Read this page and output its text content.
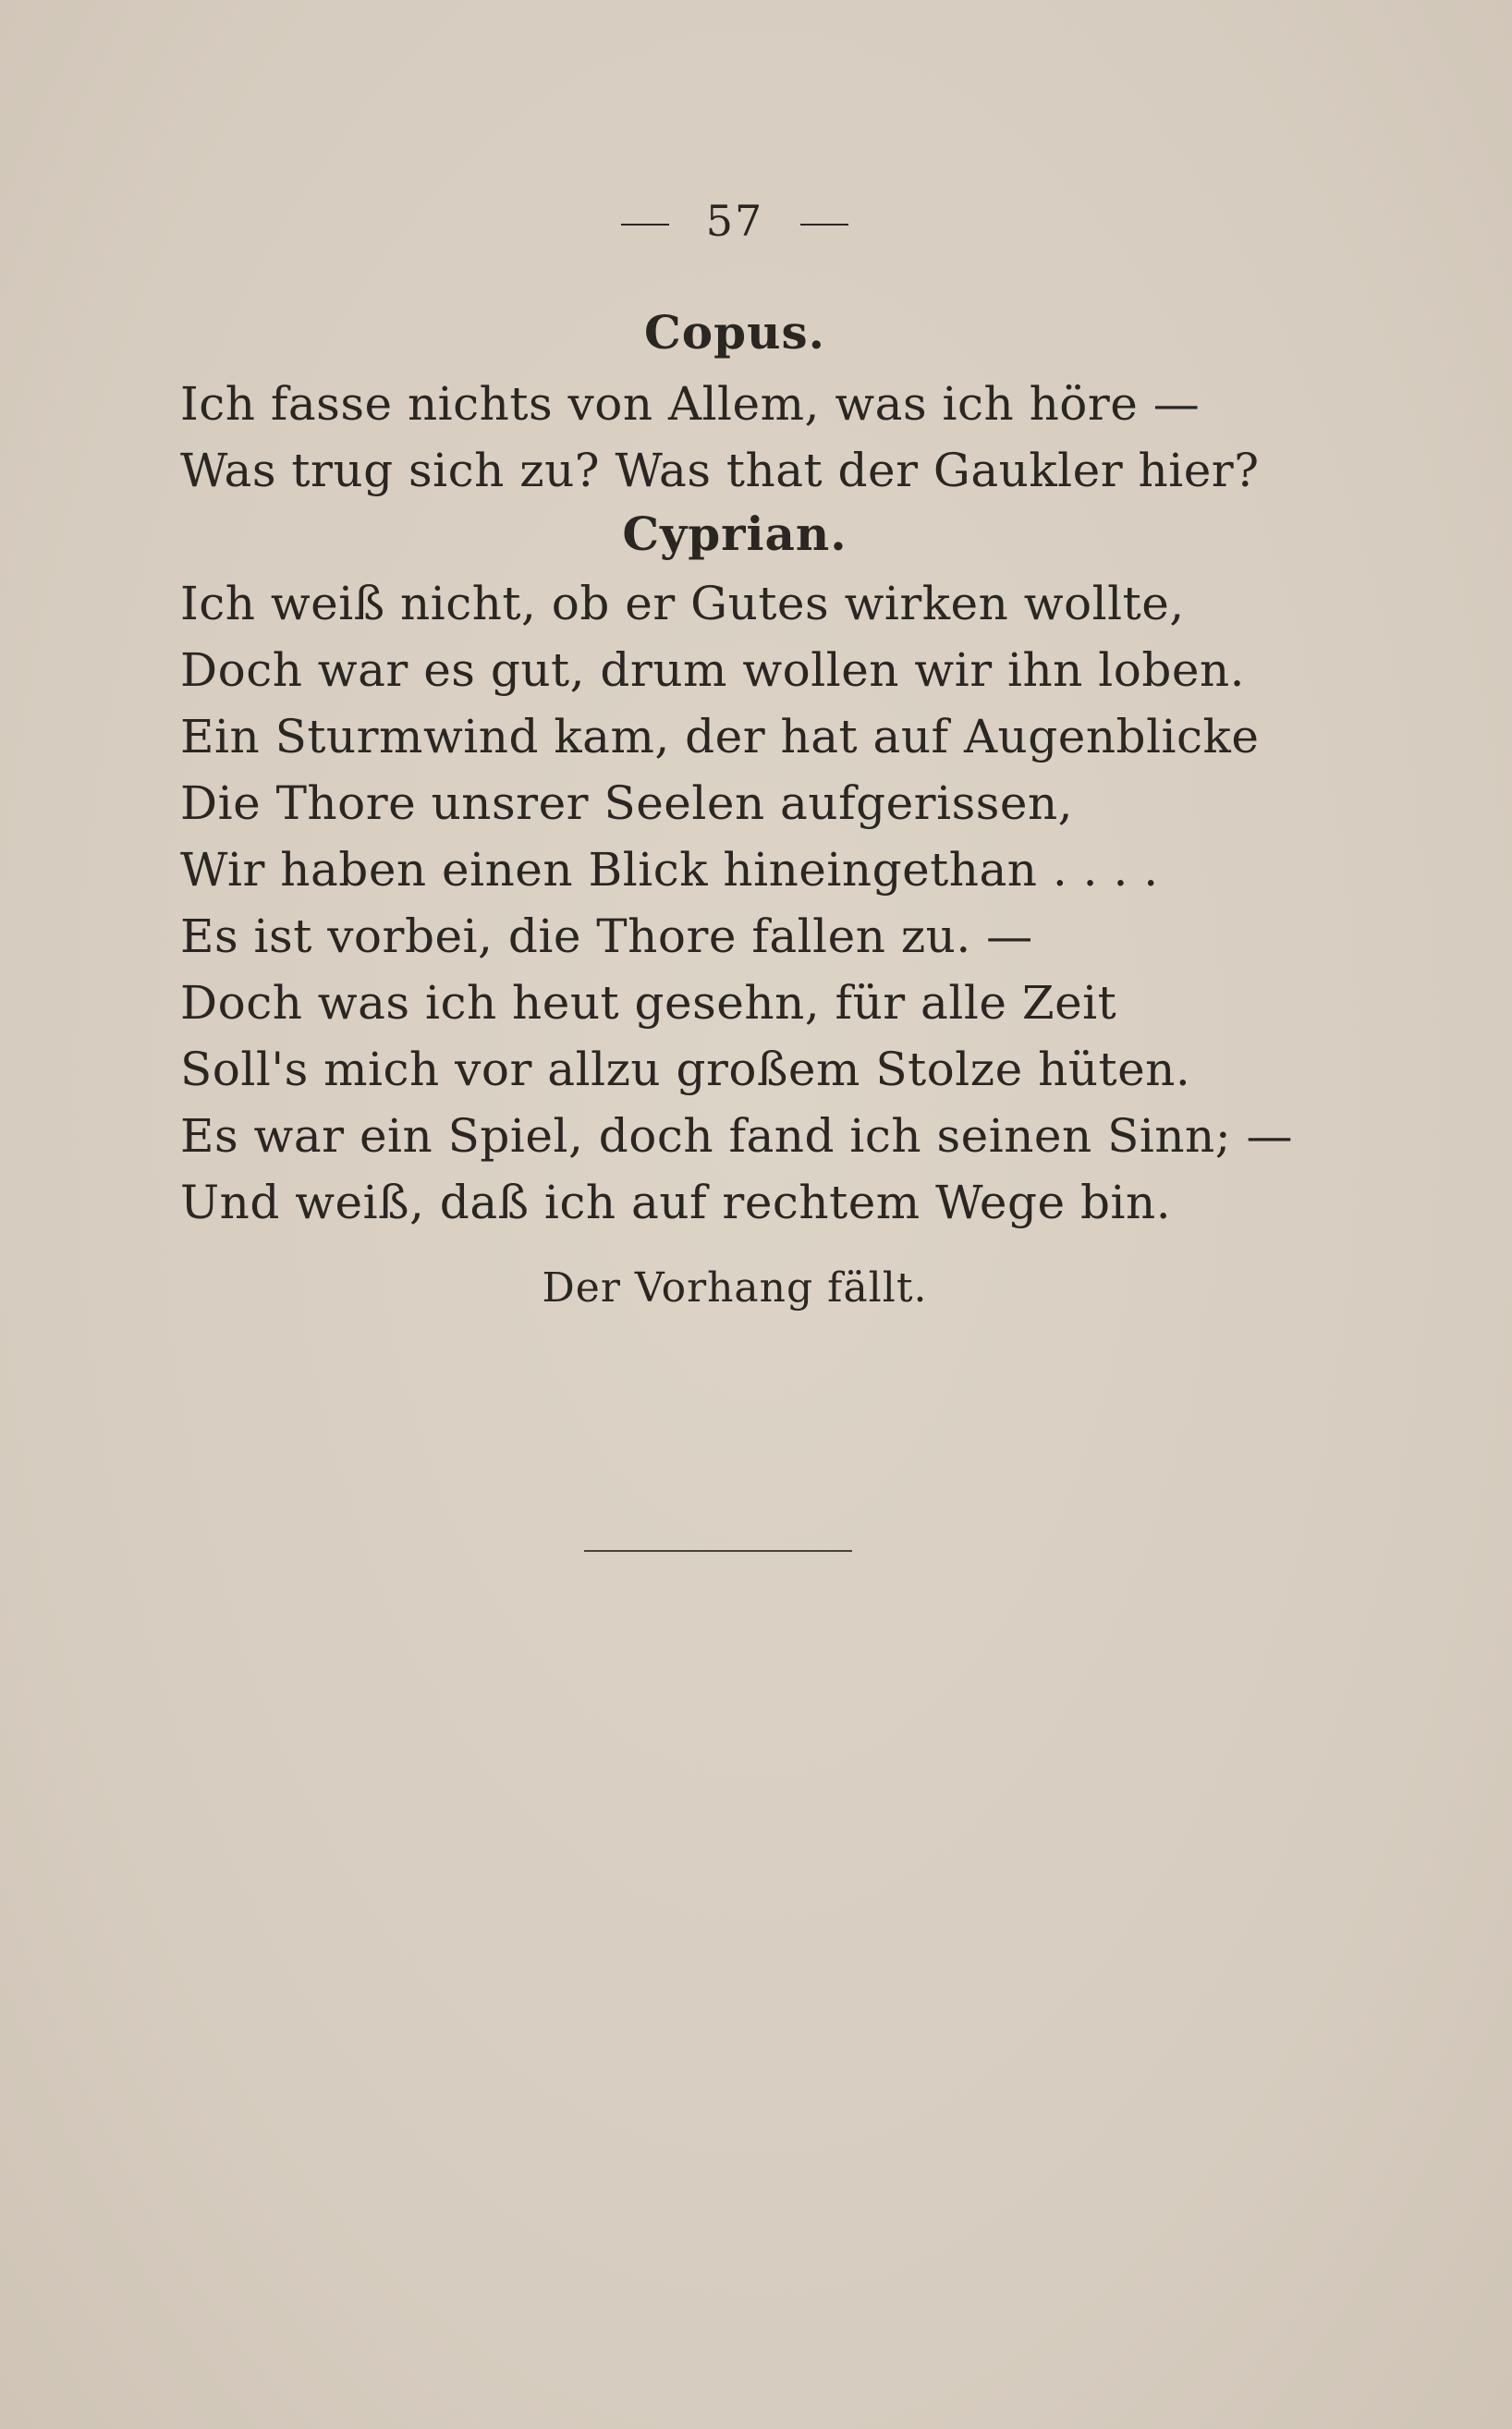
57
Copus.
Ich fasse nichts von Allem, was ich höre —
Was trug sich zu? Was that der Gaukler hier?
Cyprian.
Ich weiß nicht, ob er Gutes wirken wollte,
Doch war es gut, drum wollen wir ihn loben.
Ein Sturmwind kam, der hat auf Augenblicke
Die Thore unsrer Seelen aufgerissen,
Wir haben einen Blick hineingethan . . . .
Es ist vorbei, die Thore fallen zu. —
Doch was ich heut gesehn, für alle Zeit
Soll's mich vor allzu großem Stolze hüten.
Es war ein Spiel, doch fand ich seinen Sinn; —
Und weiß, daß ich auf rechtem Wege bin.
Der Vorhang fällt.
